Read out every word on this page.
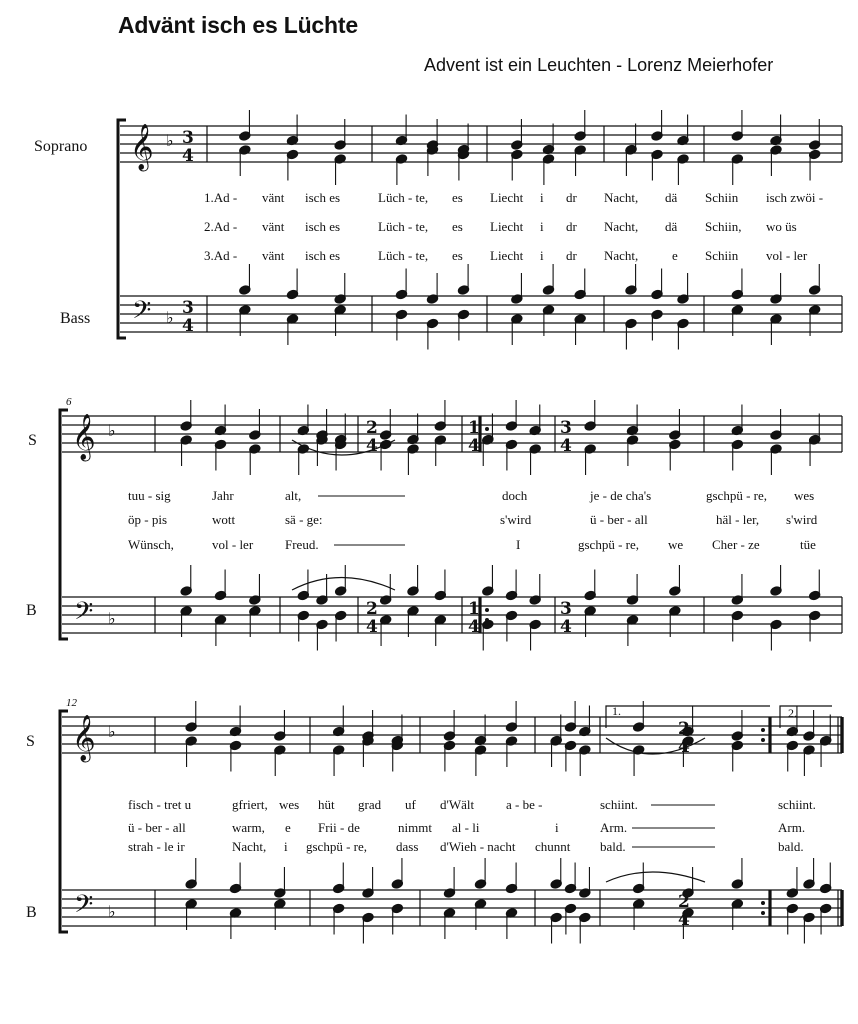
Advänt isch es Lüchte
Advent ist ein Leuchten - Lorenz Meierhofer
𝄞
𝄢
♭
♭
3
4
3
4
𝄞
𝄢
♭
♭
𝄞
𝄢
♭
♭
2
4
2
4
1
4
1
4
3
4
3
4
2
4
2
4
Soprano
Bass
S
B
S
B
6
12
1.	2.
1.Ad - vänt isch es	Lüch - te, es Liecht i dr Nacht, dä Schiin isch zwöi -
2.Ad - vänt isch es	Lüch - te, es Liecht i dr Nacht, dä Schiin, wo üs
3.Ad - vänt isch es	Lüch - te, es Liecht i dr Nacht,	e Schiin vol - ler
tuu - sig	Jahr	alt,	doch	je - de cha's	gschpü - re, wes
öp - pis	wott	sä - ge:	s'wird	ü - ber - all	häl - ler, s'wird
Wünsch,	vol - ler Freud.	I	gschpü - re, we Cher - ze	tüe
fisch - tret u	gfriert, wes hüt grad uf d'Wält a - be -	schiint.	schiint.
ü - ber - all	warm, e Frii - de	nimmt al - li	i	Arm.	Arm.
strah - le ir	Nacht, i gschpü - re, dass d'Wieh - nacht chunnt bald.	bald.
